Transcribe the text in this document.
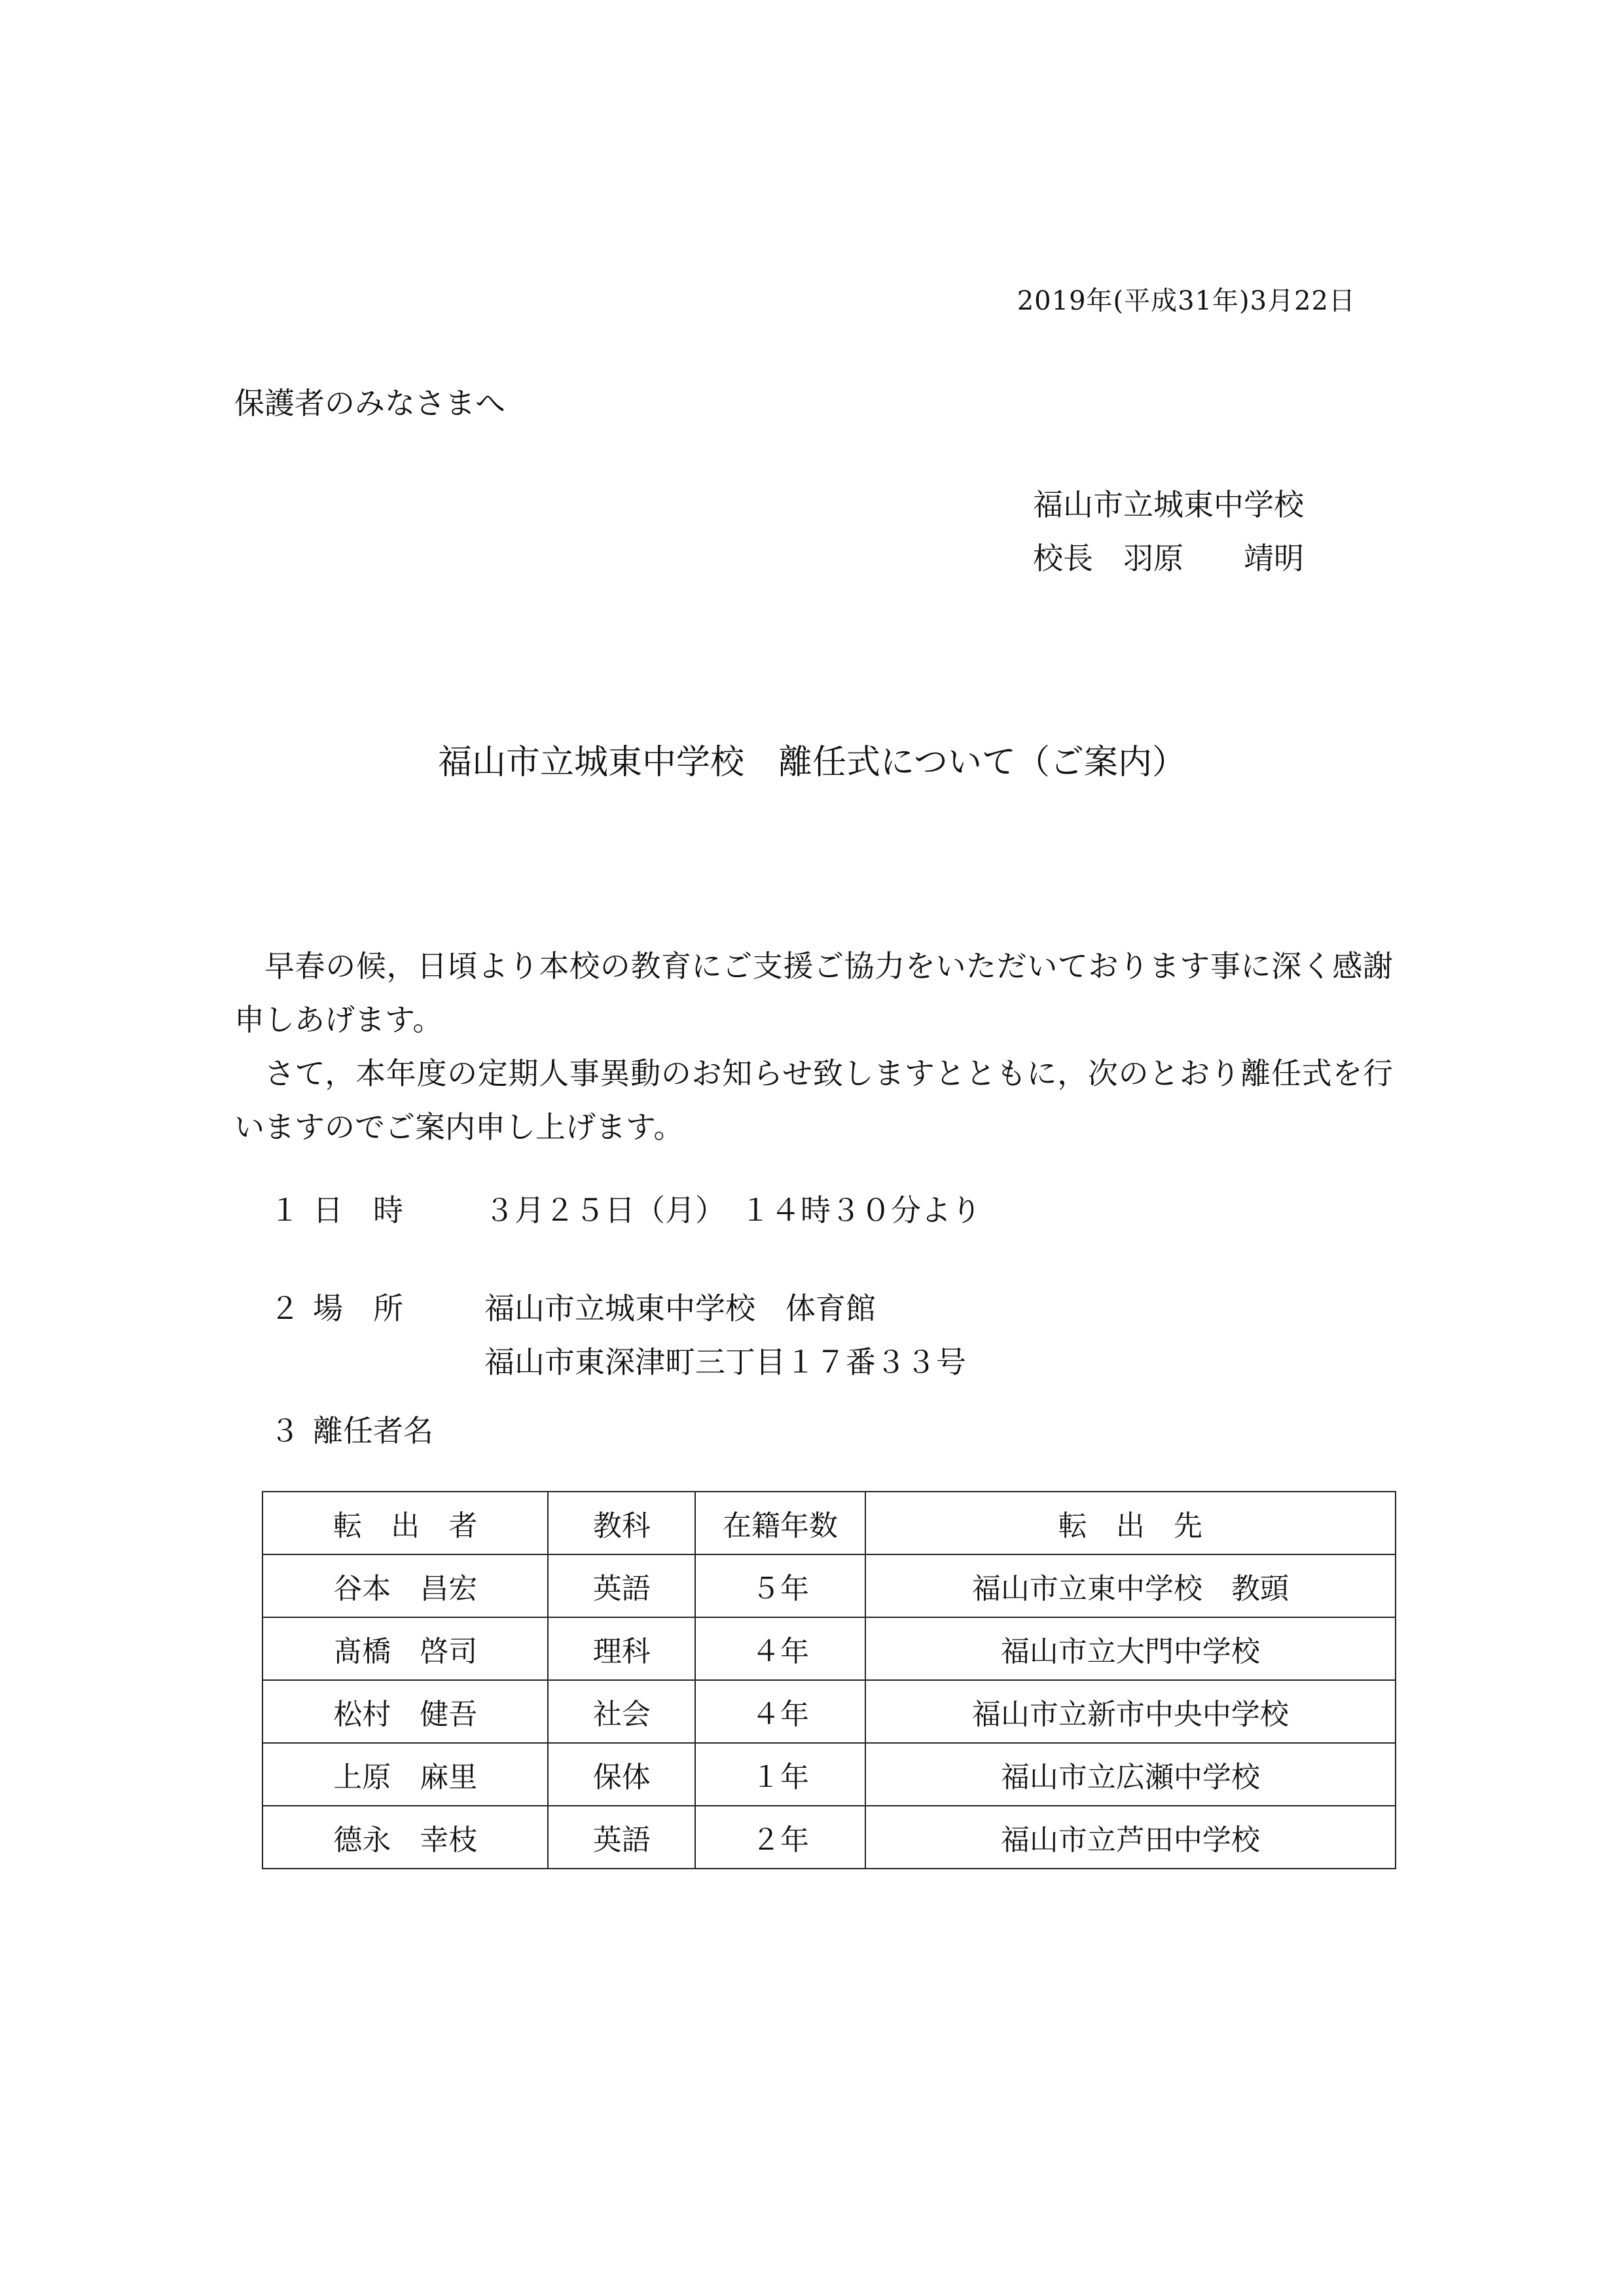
2019年(平成31年)3月22日
保護者のみなさまへ
福山市立城東中学校
校長　羽原　　靖明
福山市立城東中学校　離任式について（ご案内）

早春の候，日頃より本校の教育にご支援ご協力をいただいております事に深く感謝申しあげます。

さて，本年度の定期人事異動のお知らせ致しますとともに，次のとおり離任式を行いますのでご案内申し上げます。

１ 日　時	３月２５日（月）　１４時３０分より
２ 場　所	福山市立城東中学校　体育館
福山市東深津町三丁目１７番３３号
３ 離任者名
転　出　者	教科	在籍年数	転　出　先
谷本　昌宏	英語	５年	福山市立東中学校　教頭
髙橋　啓司	理科	４年	福山市立大門中学校
松村　健吾	社会	４年	福山市立新市中央中学校
上原　麻里	保体	１年	福山市立広瀬中学校
德永　幸枝	英語	２年	福山市立芦田中学校
